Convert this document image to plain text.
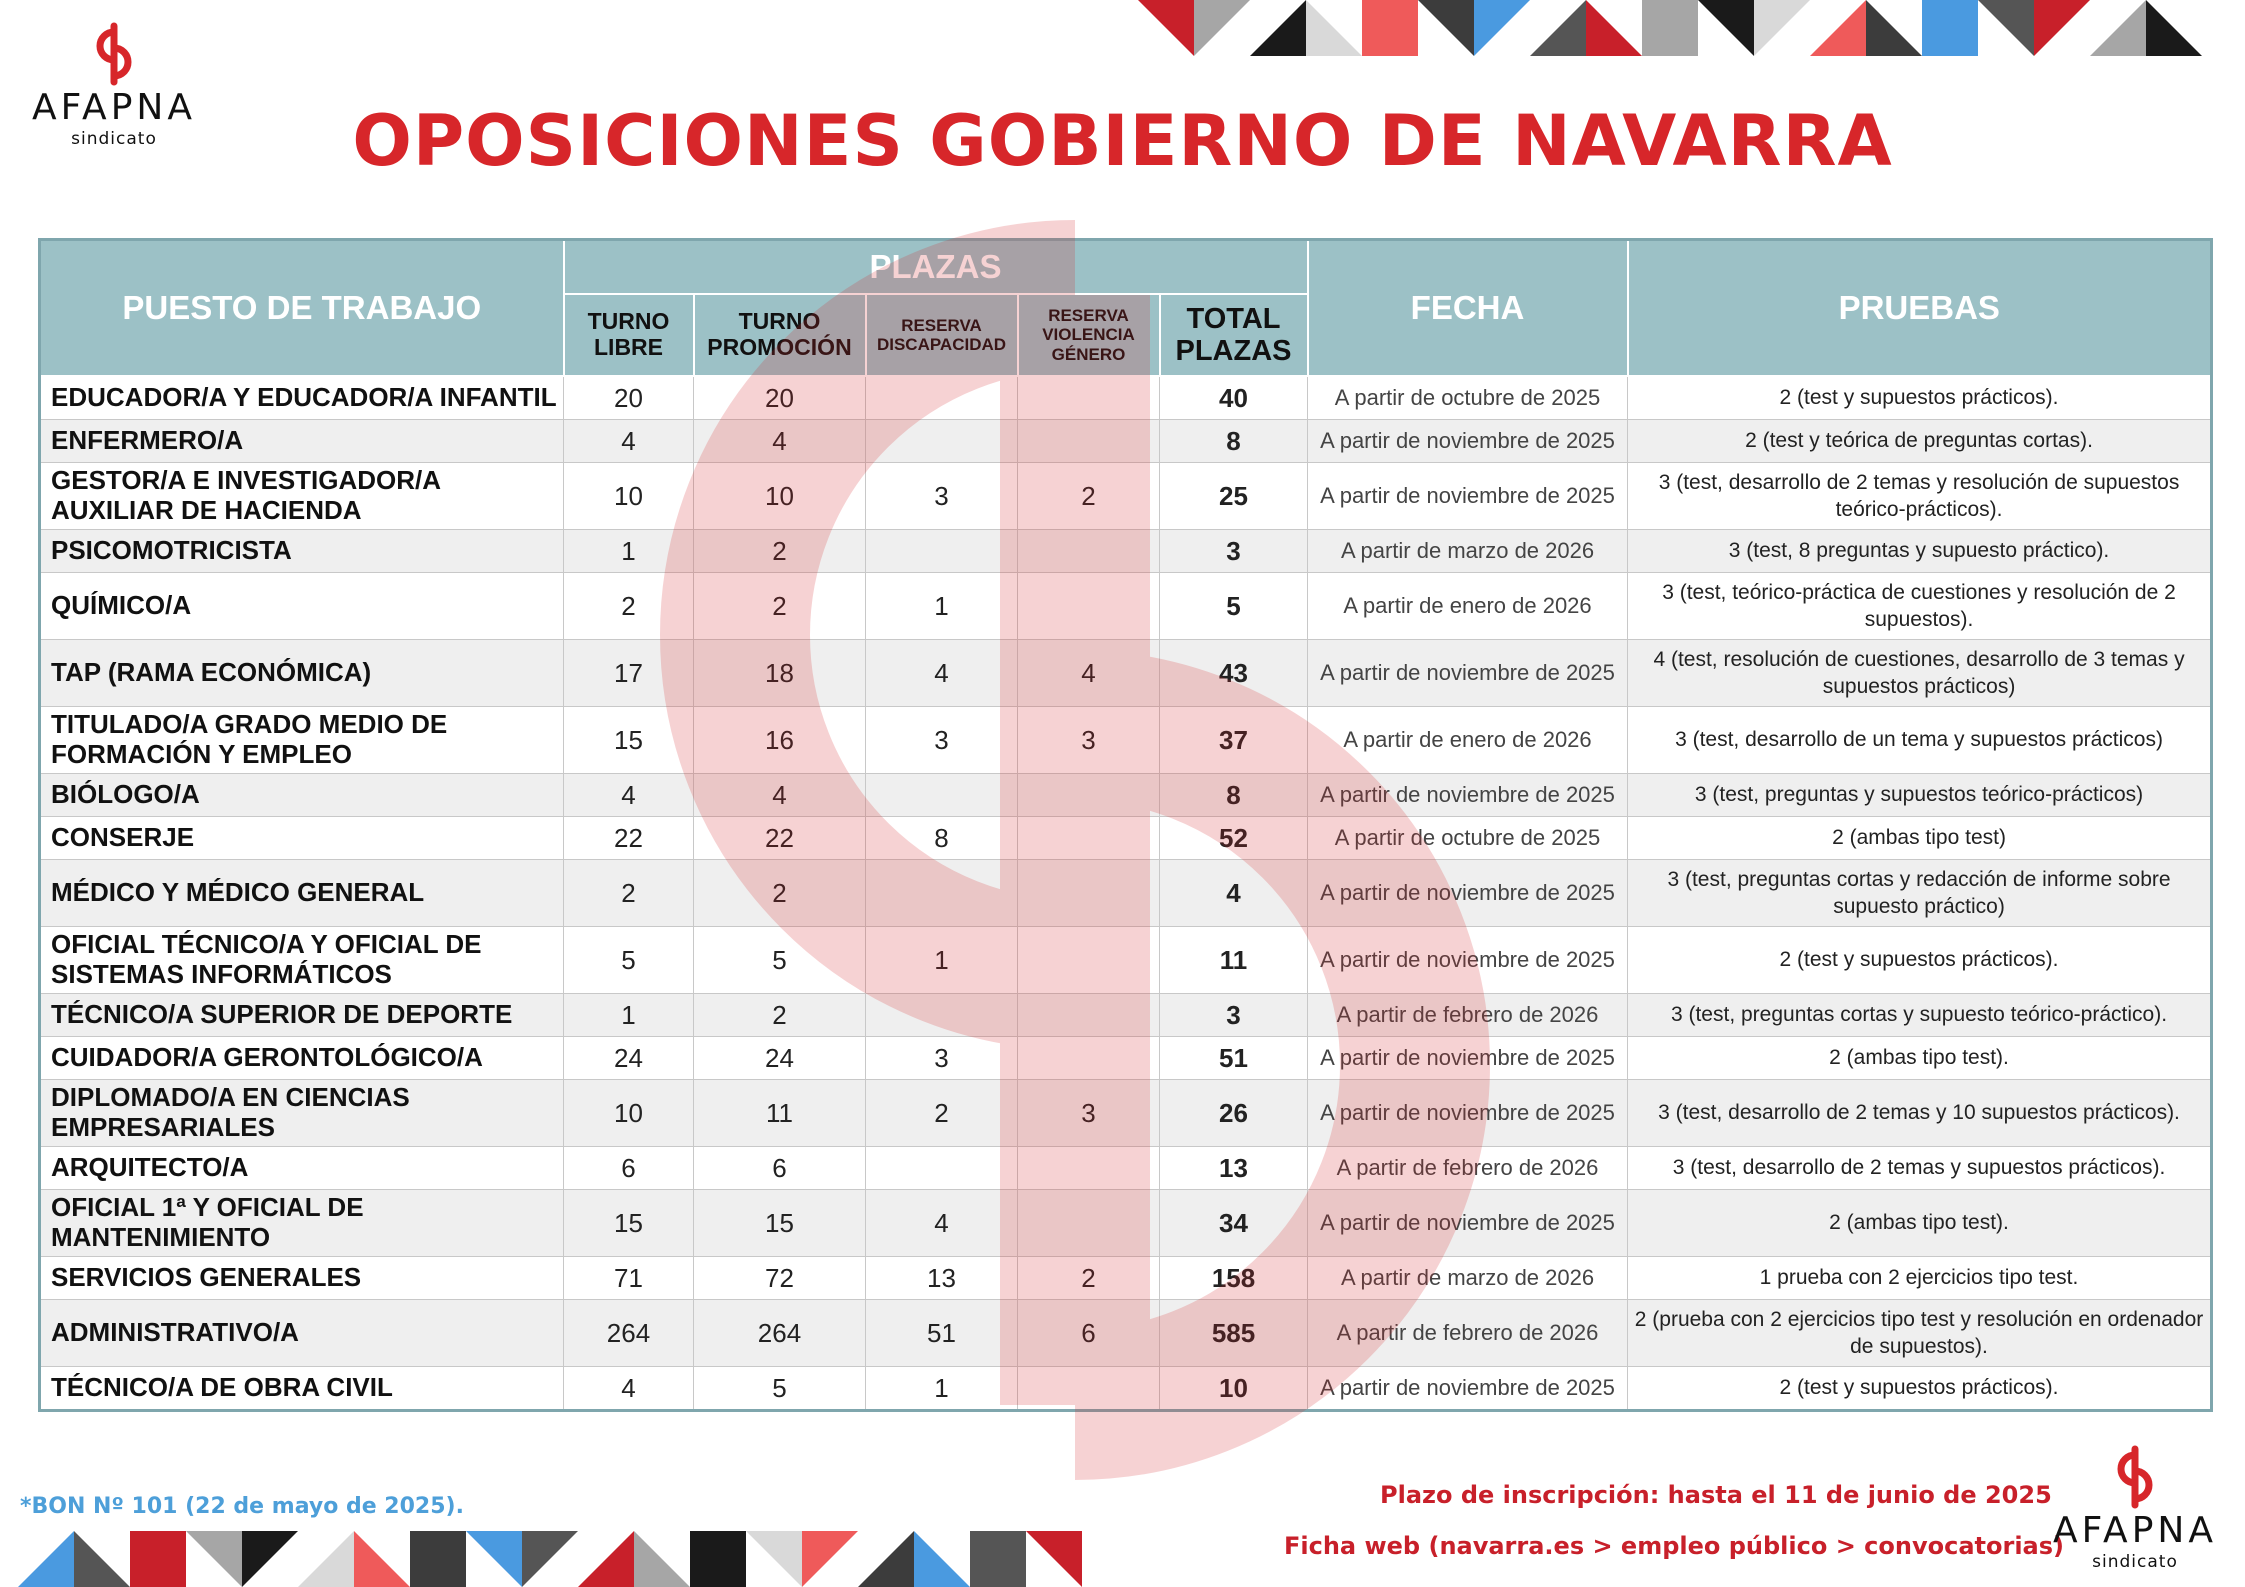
AFAPNA
sindicato	OPOSICIONES GOBIERNO DE NAVARRA
PUESTO DE TRABAJO	PLAZAS					FECHA	PRUEBAS
	TURNO LIBRE	TURNO PROMOCIÓN	RESERVA DISCAPACIDAD	RESERVA VIOLENCIA GÉNERO	TOTAL PLAZAS		
EDUCADOR/A Y EDUCADOR/A INFANTIL	20	20			40	A partir de octubre de 2025	2 (test y supuestos prácticos).
ENFERMERO/A	4	4			8	A partir de noviembre de 2025	2 (test y teórica de preguntas cortas).
GESTOR/A E INVESTIGADOR/A AUXILIAR DE HACIENDA	10	10	3	2	25	A partir de noviembre de 2025	3 (test, desarrollo de 2 temas y resolución de supuestos teórico-prácticos).
PSICOMOTRICISTA	1	2			3	A partir de marzo de 2026	3 (test, 8 preguntas y supuesto práctico).
QUÍMICO/A	2	2	1		5	A partir de enero de 2026	3 (test, teórico-práctica de cuestiones y resolución de 2 supuestos).
TAP (RAMA ECONÓMICA)	17	18	4	4	43	A partir de noviembre de 2025	4 (test, resolución de cuestiones, desarrollo de 3 temas y supuestos prácticos)
TITULADO/A GRADO MEDIO DE FORMACIÓN Y EMPLEO	15	16	3	3	37	A partir de enero de 2026	3 (test, desarrollo de un tema y supuestos prácticos)
BIÓLOGO/A	4	4			8	A partir de noviembre de 2025	3 (test, preguntas y supuestos teórico-prácticos)
CONSERJE	22	22	8		52	A partir de octubre de 2025	2 (ambas tipo test)
MÉDICO Y MÉDICO GENERAL	2	2			4	A partir de noviembre de 2025	3 (test, preguntas cortas y redacción de informe sobre supuesto práctico)
OFICIAL TÉCNICO/A Y OFICIAL DE SISTEMAS INFORMÁTICOS	5	5	1		11	A partir de noviembre de 2025	2 (test y supuestos prácticos).
TÉCNICO/A SUPERIOR DE DEPORTE	1	2			3	A partir de febrero de 2026	3 (test, preguntas cortas y supuesto teórico-práctico).
CUIDADOR/A GERONTOLÓGICO/A	24	24	3		51	A partir de noviembre de 2025	2 (ambas tipo test).
DIPLOMADO/A EN CIENCIAS EMPRESARIALES	10	11	2	3	26	A partir de noviembre de 2025	3 (test, desarrollo de 2 temas y 10 supuestos prácticos).
ARQUITECTO/A	6	6			13	A partir de febrero de 2026	3 (test, desarrollo de 2 temas y supuestos prácticos).
OFICIAL 1ª Y OFICIAL DE MANTENIMIENTO	15	15	4		34	A partir de noviembre de 2025	2 (ambas tipo test).
SERVICIOS GENERALES	71	72	13	2	158	A partir de marzo de 2026	1 prueba con 2 ejercicios tipo test.
ADMINISTRATIVO/A	264	264	51	6	585	A partir de febrero de 2026	2 (prueba con 2 ejercicios tipo test y resolución en ordenador de supuestos).
TÉCNICO/A DE OBRA CIVIL	4	5	1		10	A partir de noviembre de 2025	2 (test y supuestos prácticos).
*BON Nº 101 (22 de mayo de 2025).	Plazo de inscripción: hasta el 11 de junio de 2025
Ficha web (navarra.es > empleo público > convocatorias)
AFAPNA
sindicato
